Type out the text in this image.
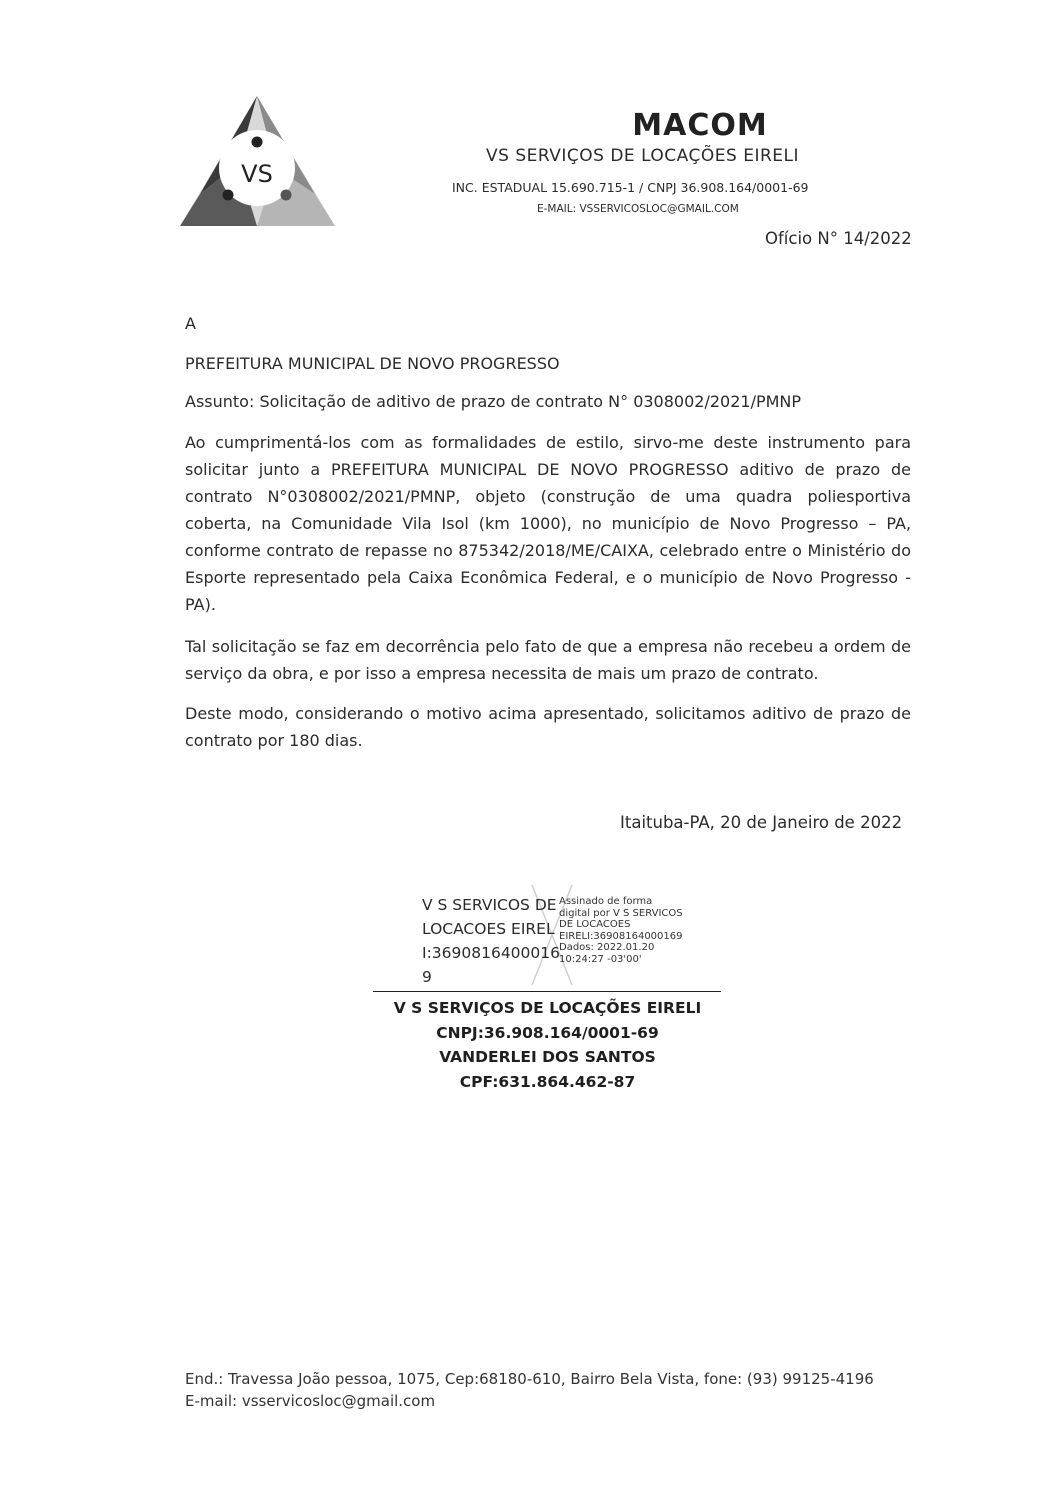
VS
MACOM
VS SERVIÇOS DE LOCAÇÕES EIRELI
INC. ESTADUAL 15.690.715-1 / CNPJ 36.908.164/0001-69
E-MAIL: VSSERVICOSLOC@GMAIL.COM
Ofício N° 14/2022
A
PREFEITURA MUNICIPAL DE NOVO PROGRESSO
Assunto: Solicitação de aditivo de prazo de contrato N° 0308002/2021/PMNP
Ao cumprimentá-los com as formalidades de estilo, sirvo-me deste instrumento para solicitar junto a PREFEITURA MUNICIPAL DE NOVO PROGRESSO aditivo de prazo de contrato N°0308002/2021/PMNP, objeto (construção de uma quadra poliesportiva coberta, na Comunidade Vila Isol (km 1000), no município de Novo Progresso – PA, conforme contrato de repasse no 875342/2018/ME/CAIXA, celebrado entre o Ministério do Esporte representado pela Caixa Econômica Federal, e o município de Novo Progresso - PA).
Tal solicitação se faz em decorrência pelo fato de que a empresa não recebeu a ordem de serviço da obra, e por isso a empresa necessita de mais um prazo de contrato.
Deste modo, considerando o motivo acima apresentado, solicitamos aditivo de prazo de contrato por 180 dias.
Itaituba-PA, 20 de Janeiro de 2022
V S SERVICOS DE LOCACOES EIRELI:36908164000169
Assinado de forma
digital por V S SERVICOS
DE LOCACOES
EIRELI:36908164000169
Dados: 2022.01.20
10:24:27 -03'00'
V S SERVIÇOS DE LOCAÇÕES EIRELI
CNPJ:36.908.164/0001-69
VANDERLEI DOS SANTOS
CPF:631.864.462-87
End.: Travessa João pessoa, 1075, Cep:68180-610, Bairro Bela Vista, fone: (93) 99125-4196
E-mail: vsservicosloc@gmail.com
